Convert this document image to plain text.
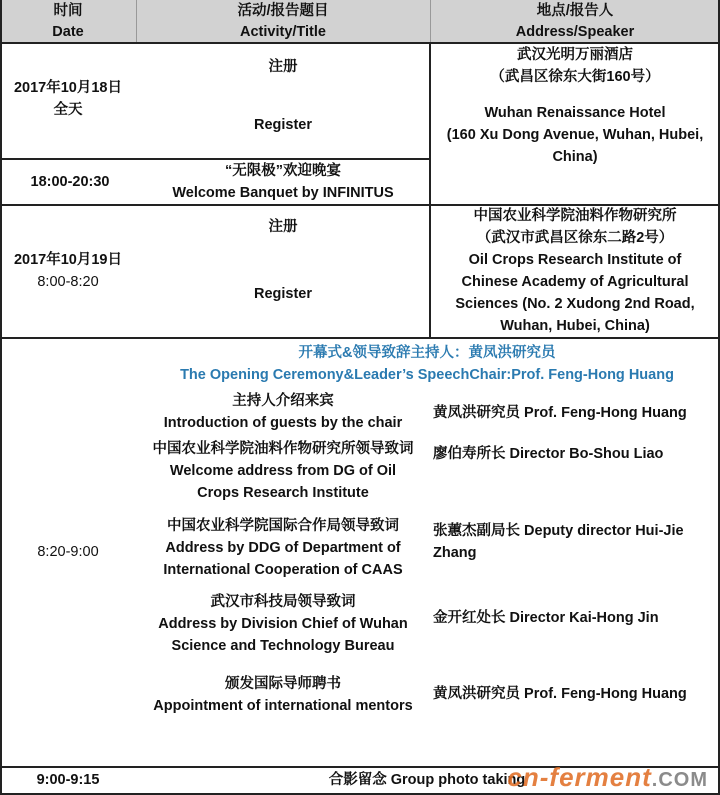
时间
Date
活动/报告题目
Activity/Title
地点/报告人
Address/Speaker
2017年10月18日
全天
注册
Register
18:00-20:30
“无限极”欢迎晚宴
Welcome Banquet by INFINITUS
武汉光明万丽酒店
（武昌区徐东大街160号）
Wuhan Renaissance Hotel
(160 Xu Dong Avenue, Wuhan, Hubei,
China)
2017年10月19日
8:00-8:20
注册
Register
中国农业科学院油料作物研究所
（武汉市武昌区徐东二路2号）
Oil Crops Research Institute of
Chinese Academy of Agricultural
Sciences (No. 2 Xudong 2nd Road,
Wuhan, Hubei, China)
8:20-9:00
开幕式&领导致辞主持人：黄凤洪研究员
The Opening Ceremony&Leader’s SpeechChair:Prof. Feng-Hong Huang
主持人介绍来宾
Introduction of guests by the chair
黄凤洪研究员 Prof. Feng-Hong Huang
中国农业科学院油料作物研究所领导致词
Welcome address from DG of Oil
Crops Research Institute
廖伯寿所长 Director Bo-Shou Liao
中国农业科学院国际合作局领导致词
Address by DDG of Department of
International Cooperation of CAAS
张蕙杰副局长 Deputy director Hui-Jie
Zhang
武汉市科技局领导致词
Address by Division Chief of Wuhan
Science and Technology Bureau
金开红处长 Director Kai-Hong Jin
颁发国际导师聘书
Appointment of international mentors
黄凤洪研究员 Prof. Feng-Hong Huang
9:00-9:15	合影留念 Group photo taking
cn-ferment.COM
